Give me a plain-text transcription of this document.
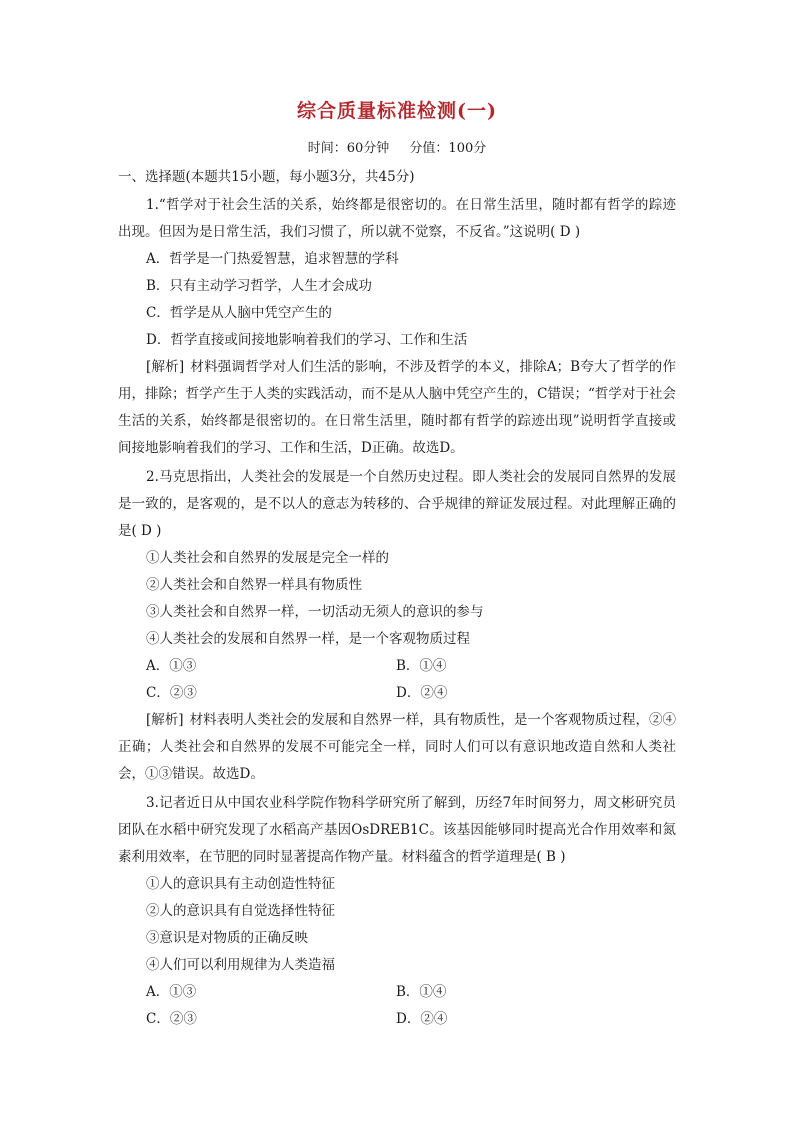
综合质量标准检测(一)
时间：60分钟 分值：100分

一、选择题(本题共15小题，每小题3分，共45分)

1.“哲学对于社会生活的关系，始终都是很密切的。在日常生活里，随时都有哲学的踪迹出现。但因为是日常生活，我们习惯了，所以就不觉察，不反省。”这说明( D )

A．哲学是一门热爱智慧，追求智慧的学科

B．只有主动学习哲学，人生才会成功

C．哲学是从人脑中凭空产生的

D．哲学直接或间接地影响着我们的学习、工作和生活

[解析] 材料强调哲学对人们生活的影响，不涉及哲学的本义，排除A；B夸大了哲学的作用，排除；哲学产生于人类的实践活动，而不是从人脑中凭空产生的，C错误；“哲学对于社会生活的关系，始终都是很密切的。在日常生活里，随时都有哲学的踪迹出现”说明哲学直接或间接地影响着我们的学习、工作和生活，D正确。故选D。

2.马克思指出，人类社会的发展是一个自然历史过程。即人类社会的发展同自然界的发展是一致的，是客观的，是不以人的意志为转移的、合乎规律的辩证发展过程。对此理解正确的是( D )

①人类社会和自然界的发展是完全一样的

②人类社会和自然界一样具有物质性

③人类社会和自然界一样，一切活动无须人的意识的参与

④人类社会的发展和自然界一样，是一个客观物质过程

A．①③	B．①④
C．②③	D．②④

[解析] 材料表明人类社会的发展和自然界一样，具有物质性，是一个客观物质过程，②④正确；人类社会和自然界的发展不可能完全一样，同时人们可以有意识地改造自然和人类社会，①③错误。故选D。

3.记者近日从中国农业科学院作物科学研究所了解到，历经7年时间努力，周文彬研究员团队在水稻中研究发现了水稻高产基因OsDREB1C。该基因能够同时提高光合作用效率和氮素利用效率，在节肥的同时显著提高作物产量。材料蕴含的哲学道理是( B )

①人的意识具有主动创造性特征

②人的意识具有自觉选择性特征

③意识是对物质的正确反映

④人们可以利用规律为人类造福

A．①③	B．①④
C．②③	D．②④
